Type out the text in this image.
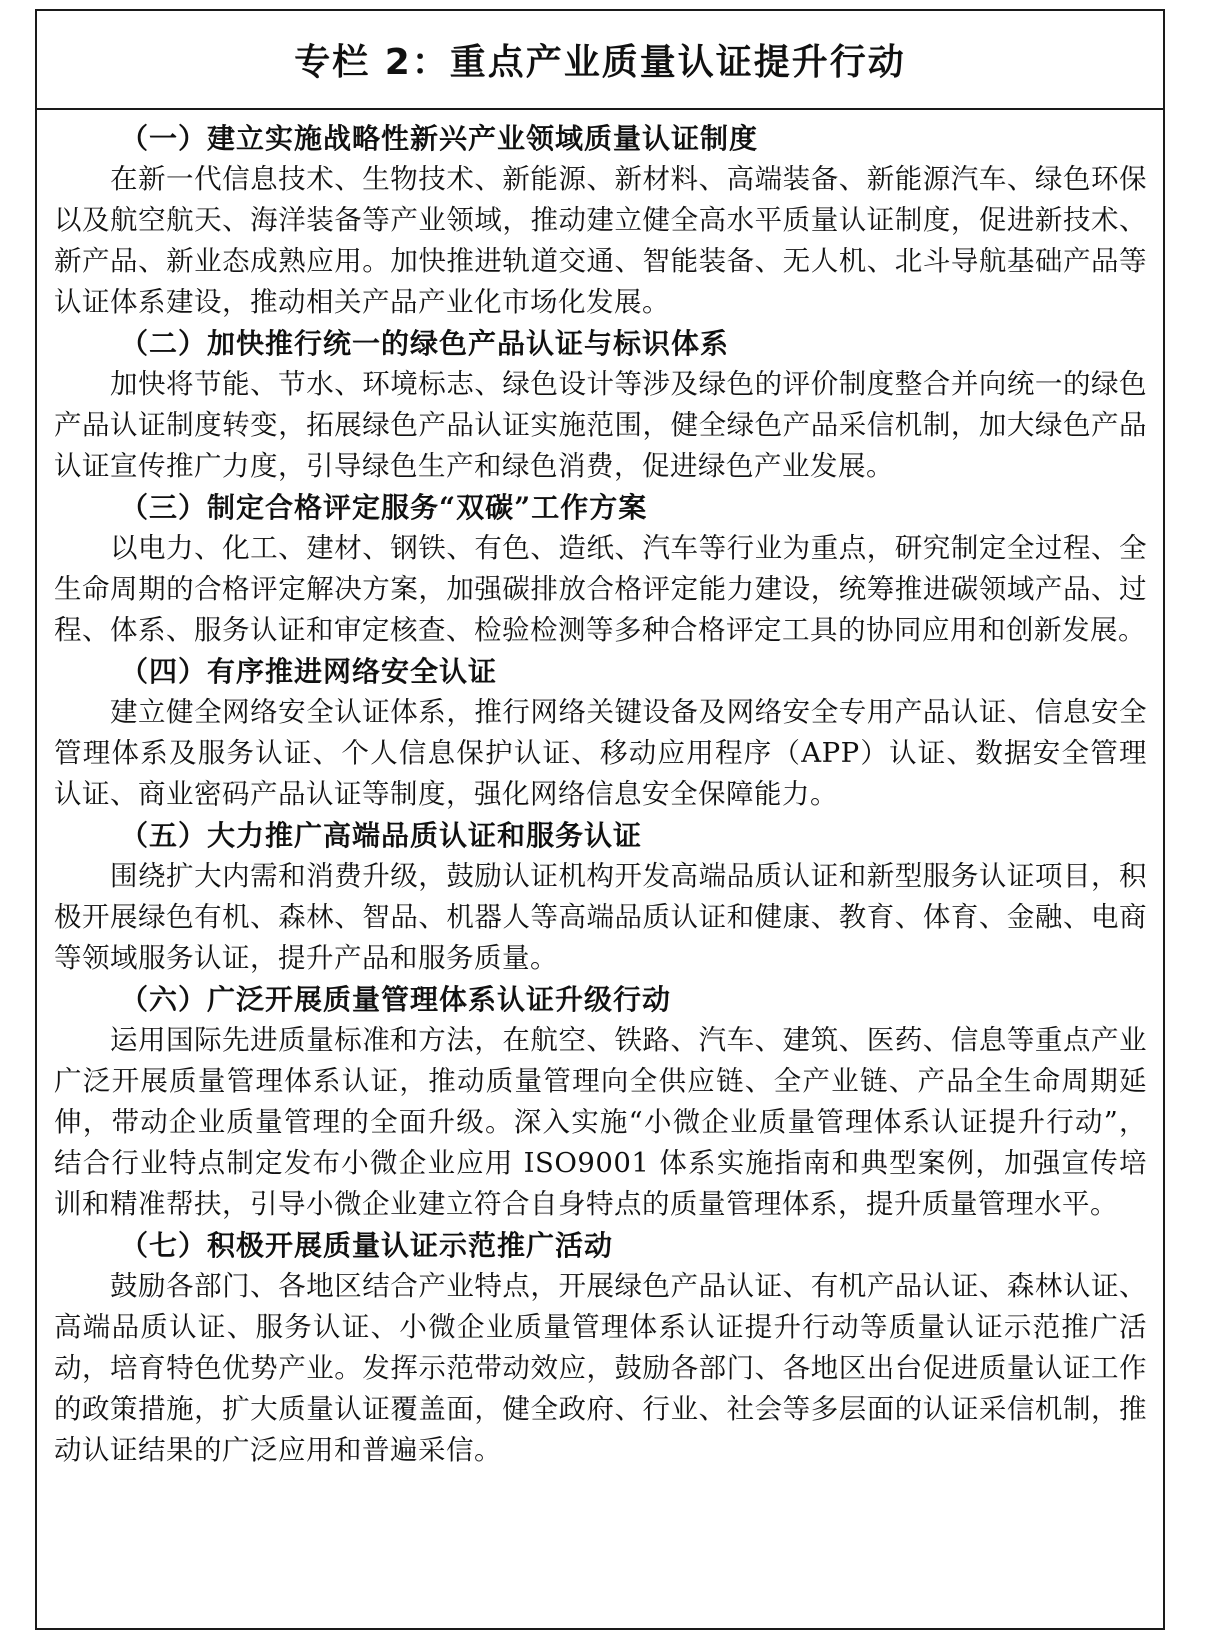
专栏 2：重点产业质量认证提升行动

（一）建立实施战略性新兴产业领域质量认证制度

在新一代信息技术、生物技术、新能源、新材料、高端装备、新能源汽车、绿色环保以及航空航天、海洋装备等产业领域，推动建立健全高水平质量认证制度，促进新技术、新产品、新业态成熟应用。加快推进轨道交通、智能装备、无人机、北斗导航基础产品等认证体系建设，推动相关产品产业化市场化发展。

（二）加快推行统一的绿色产品认证与标识体系

加快将节能、节水、环境标志、绿色设计等涉及绿色的评价制度整合并向统一的绿色产品认证制度转变，拓展绿色产品认证实施范围，健全绿色产品采信机制，加大绿色产品认证宣传推广力度，引导绿色生产和绿色消费，促进绿色产业发展。

（三）制定合格评定服务“双碳”工作方案

以电力、化工、建材、钢铁、有色、造纸、汽车等行业为重点，研究制定全过程、全生命周期的合格评定解决方案，加强碳排放合格评定能力建设，统筹推进碳领域产品、过程、体系、服务认证和审定核查、检验检测等多种合格评定工具的协同应用和创新发展。

（四）有序推进网络安全认证

建立健全网络安全认证体系，推行网络关键设备及网络安全专用产品认证、信息安全管理体系及服务认证、个人信息保护认证、移动应用程序（APP）认证、数据安全管理认证、商业密码产品认证等制度，强化网络信息安全保障能力。

（五）大力推广高端品质认证和服务认证

围绕扩大内需和消费升级，鼓励认证机构开发高端品质认证和新型服务认证项目，积极开展绿色有机、森林、智品、机器人等高端品质认证和健康、教育、体育、金融、电商等领域服务认证，提升产品和服务质量。

（六）广泛开展质量管理体系认证升级行动

运用国际先进质量标准和方法，在航空、铁路、汽车、建筑、医药、信息等重点产业广泛开展质量管理体系认证，推动质量管理向全供应链、全产业链、产品全生命周期延伸，带动企业质量管理的全面升级。深入实施“小微企业质量管理体系认证提升行动”，结合行业特点制定发布小微企业应用 ISO9001 体系实施指南和典型案例，加强宣传培训和精准帮扶，引导小微企业建立符合自身特点的质量管理体系，提升质量管理水平。

（七）积极开展质量认证示范推广活动

鼓励各部门、各地区结合产业特点，开展绿色产品认证、有机产品认证、森林认证、高端品质认证、服务认证、小微企业质量管理体系认证提升行动等质量认证示范推广活动，培育特色优势产业。发挥示范带动效应，鼓励各部门、各地区出台促进质量认证工作的政策措施，扩大质量认证覆盖面，健全政府、行业、社会等多层面的认证采信机制，推动认证结果的广泛应用和普遍采信。
